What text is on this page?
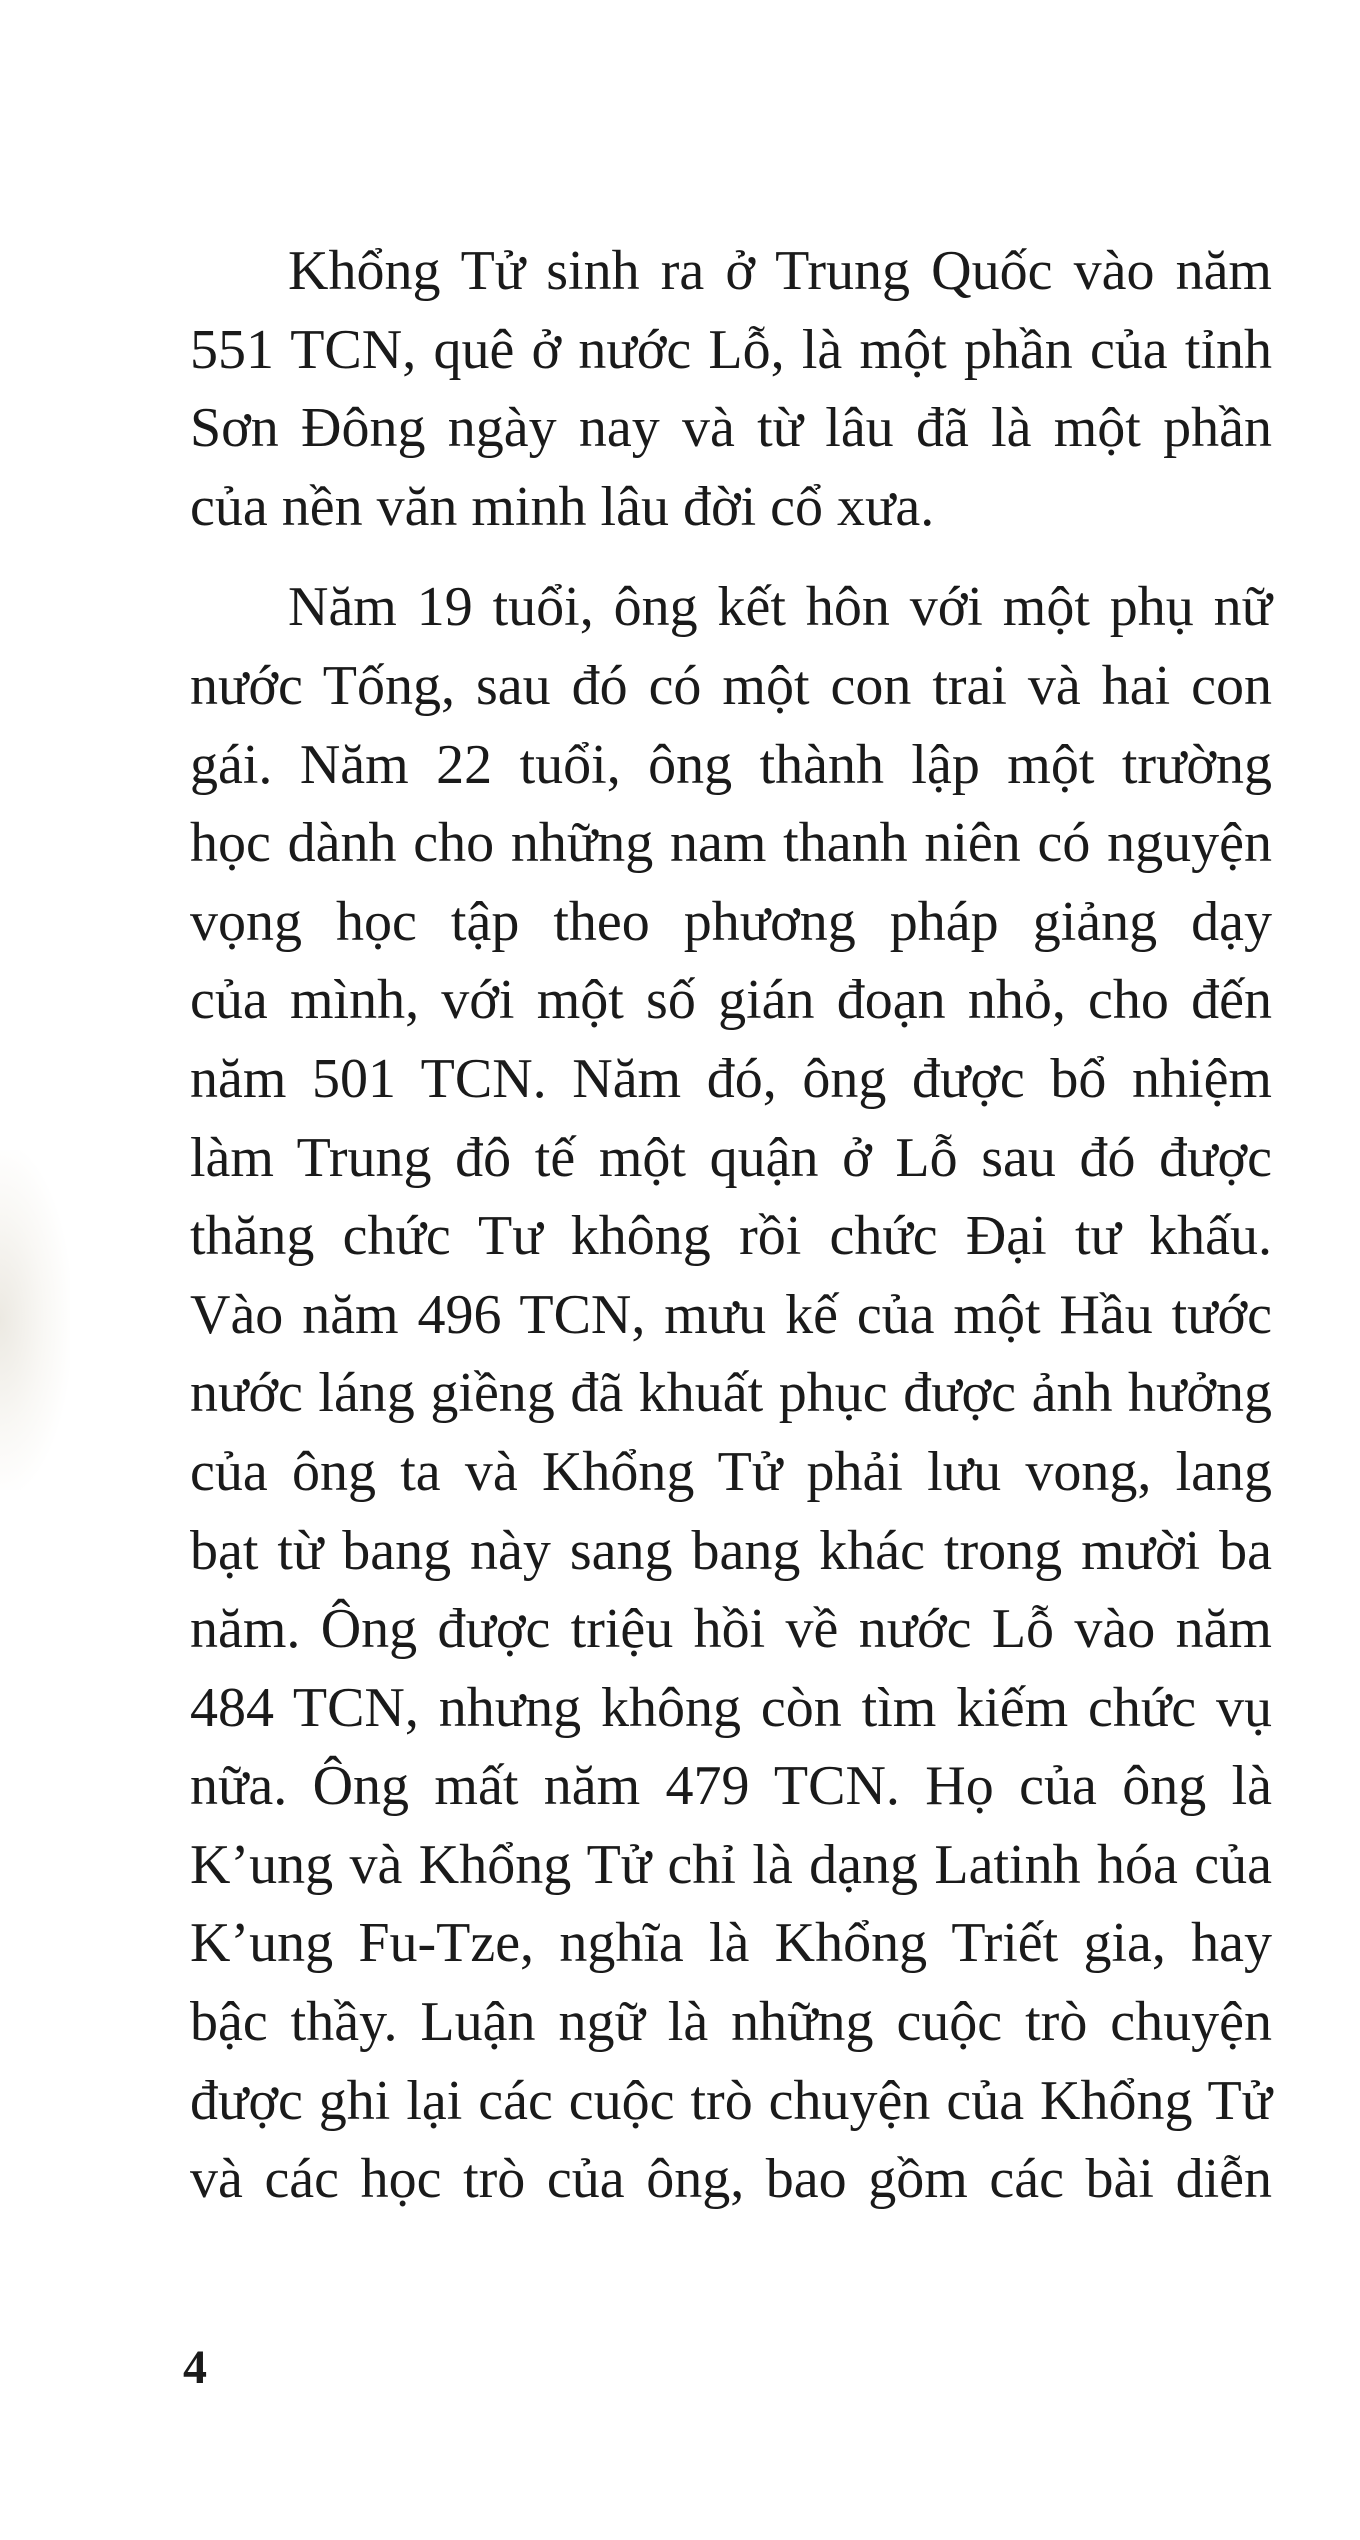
Khổng Tử sinh ra ở Trung Quốc vào năm
551 TCN, quê ở nước Lỗ, là một phần của tỉnh
Sơn Đông ngày nay và từ lâu đã là một phần
của nền văn minh lâu đời cổ xưa.
Năm 19 tuổi, ông kết hôn với một phụ nữ
nước Tống, sau đó có một con trai và hai con
gái. Năm 22 tuổi, ông thành lập một trường
học dành cho những nam thanh niên có nguyện
vọng học tập theo phương pháp giảng dạy
của mình, với một số gián đoạn nhỏ, cho đến
năm 501 TCN. Năm đó, ông được bổ nhiệm
làm Trung đô tế một quận ở Lỗ sau đó được
thăng chức Tư không rồi chức Đại tư khấu.
Vào năm 496 TCN, mưu kế của một Hầu tước
nước láng giềng đã khuất phục được ảnh hưởng
của ông ta và Khổng Tử phải lưu vong, lang
bạt từ bang này sang bang khác trong mười ba
năm. Ông được triệu hồi về nước Lỗ vào năm
484 TCN, nhưng không còn tìm kiếm chức vụ
nữa. Ông mất năm 479 TCN. Họ của ông là
K’ung và Khổng Tử chỉ là dạng Latinh hóa của
K’ung Fu-Tze, nghĩa là Khổng Triết gia, hay
bậc thầy. Luận ngữ là những cuộc trò chuyện
được ghi lại các cuộc trò chuyện của Khổng Tử
và các học trò của ông, bao gồm các bài diễn
4
